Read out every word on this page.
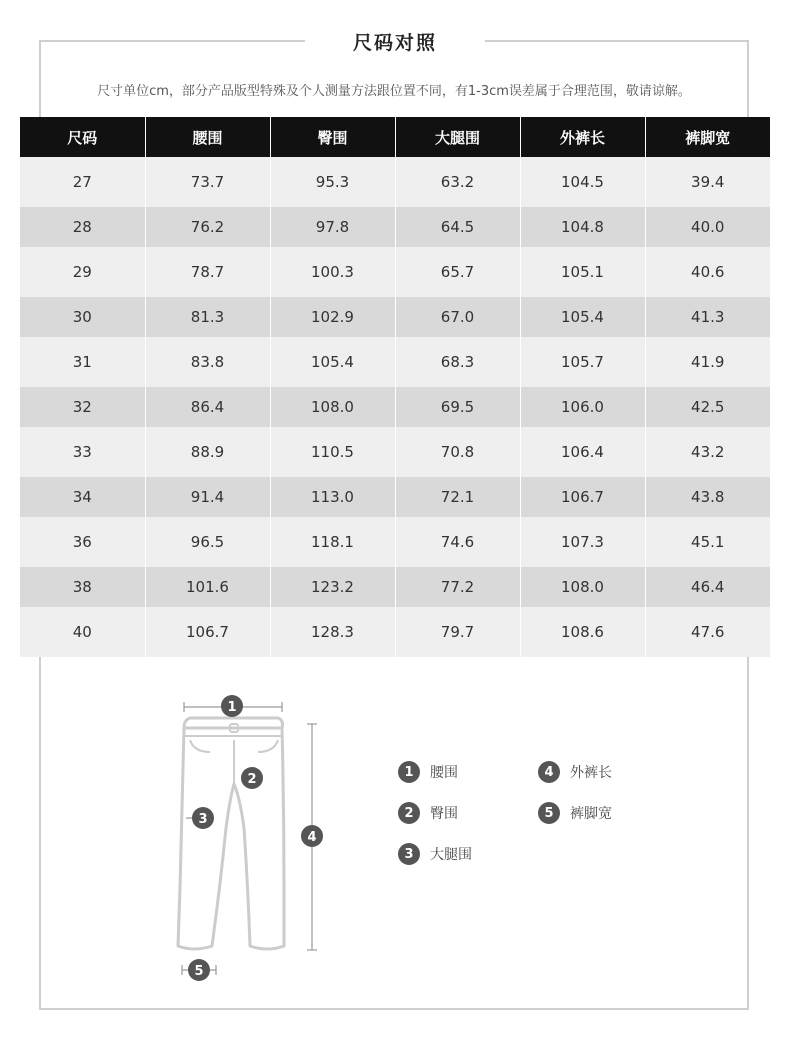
尺码对照
尺寸单位cm，部分产品版型特殊及个人测量方法跟位置不同，有1-3cm误差属于合理范围，敬请谅解。
尺码	腰围	臀围	大腿围	外裤长	裤脚宽
27	73.7	95.3	63.2	104.5	39.4
28	76.2	97.8	64.5	104.8	40.0
29	78.7	100.3	65.7	105.1	40.6
30	81.3	102.9	67.0	105.4	41.3
31	83.8	105.4	68.3	105.7	41.9
32	86.4	108.0	69.5	106.0	42.5
33	88.9	110.5	70.8	106.4	43.2
34	91.4	113.0	72.1	106.7	43.8
36	96.5	118.1	74.6	107.3	45.1
38	101.6	123.2	77.2	108.0	46.4
40	106.7	128.3	79.7	108.6	47.6
1
2
3
4
5
1	腰围
2	臀围
3	大腿围
4	外裤长
5	裤脚宽
